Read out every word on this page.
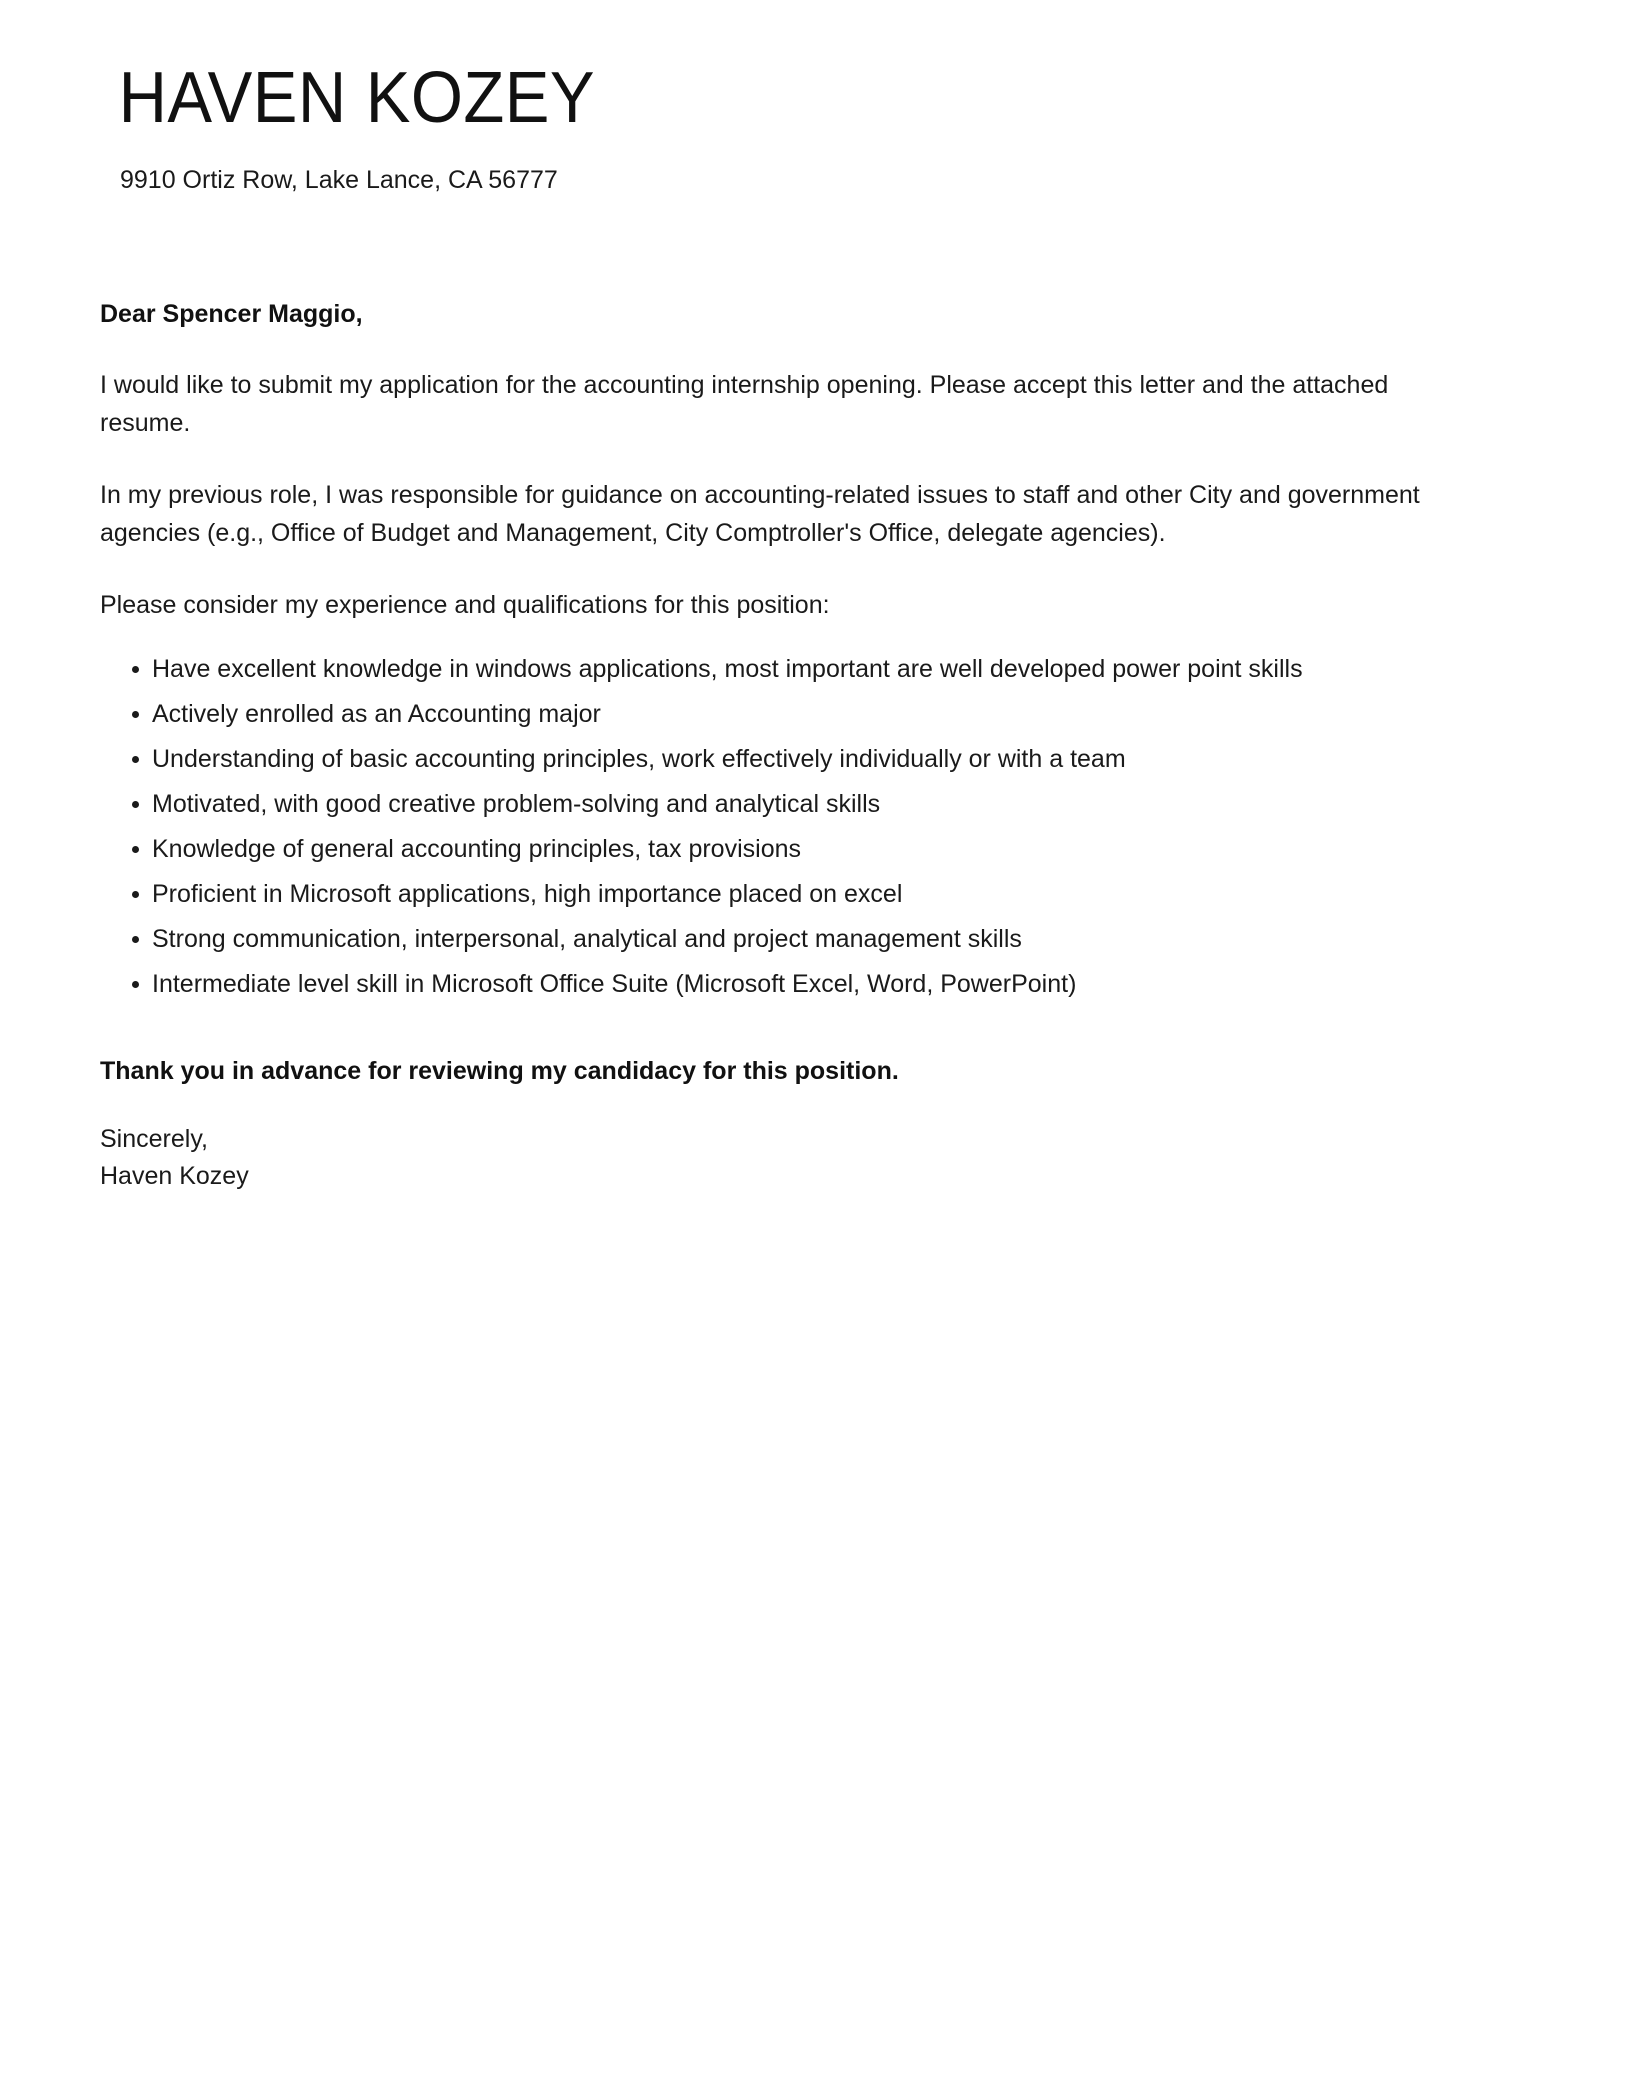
HAVEN KOZEY
9910 Ortiz Row, Lake Lance, CA 56777

Dear Spencer Maggio,

I would like to submit my application for the accounting internship opening. Please accept this letter and the attached resume.

In my previous role, I was responsible for guidance on accounting-related issues to staff and other City and government agencies (e.g., Office of Budget and Management, City Comptroller's Office, delegate agencies).

Please consider my experience and qualifications for this position:

Have excellent knowledge in windows applications, most important are well developed power point skills
Actively enrolled as an Accounting major
Understanding of basic accounting principles, work effectively individually or with a team
Motivated, with good creative problem-solving and analytical skills
Knowledge of general accounting principles, tax provisions
Proficient in Microsoft applications, high importance placed on excel
Strong communication, interpersonal, analytical and project management skills
Intermediate level skill in Microsoft Office Suite (Microsoft Excel, Word, PowerPoint)

Thank you in advance for reviewing my candidacy for this position.

Sincerely,
Haven Kozey
